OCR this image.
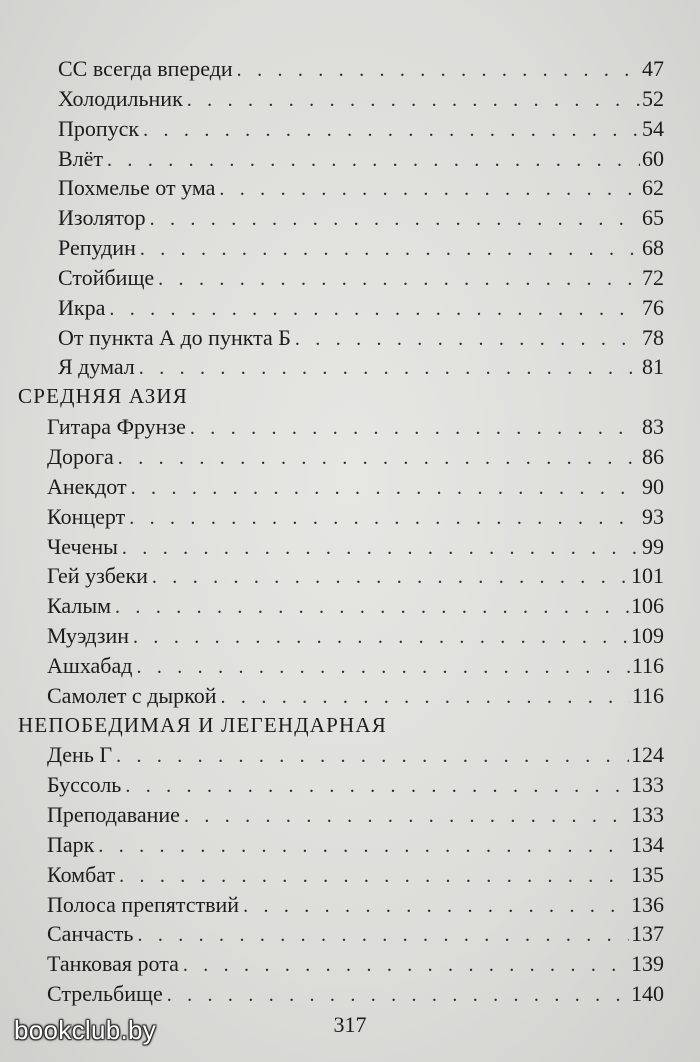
СС всегда впереди . . .	47
Холодильник . . .	52
Пропуск . . .	54
Влёт . . .	60
Похмелье от ума . . .	62
Изолятор . . .	65
Репудин . . .	68
Стойбище . . .	72
Икра . . .	76
От пункта А до пункта Б . . .	78
Я думал . . .	81
СРЕДНЯЯ АЗИЯ
Гитара Фрунзе . . .	83
Дорога . . .	86
Анекдот . . .	90
Концерт . . .	93
Чечены . . .	99
Гей узбеки . . .	101
Калым . . .	106
Муэдзин . . .	109
Ашхабад . . .	116
Самолет с дыркой . . .	116
НЕПОБЕДИМАЯ И ЛЕГЕНДАРНАЯ
День Г . . .	124
Буссоль . . .	133
Преподавание . . .	133
Парк . . .	134
Комбат . . .	135
Полоса препятствий . . .	136
Санчасть . . .	137
Танковая рота . . .	139
Стрельбище . . .	140
317
bookclub.by
